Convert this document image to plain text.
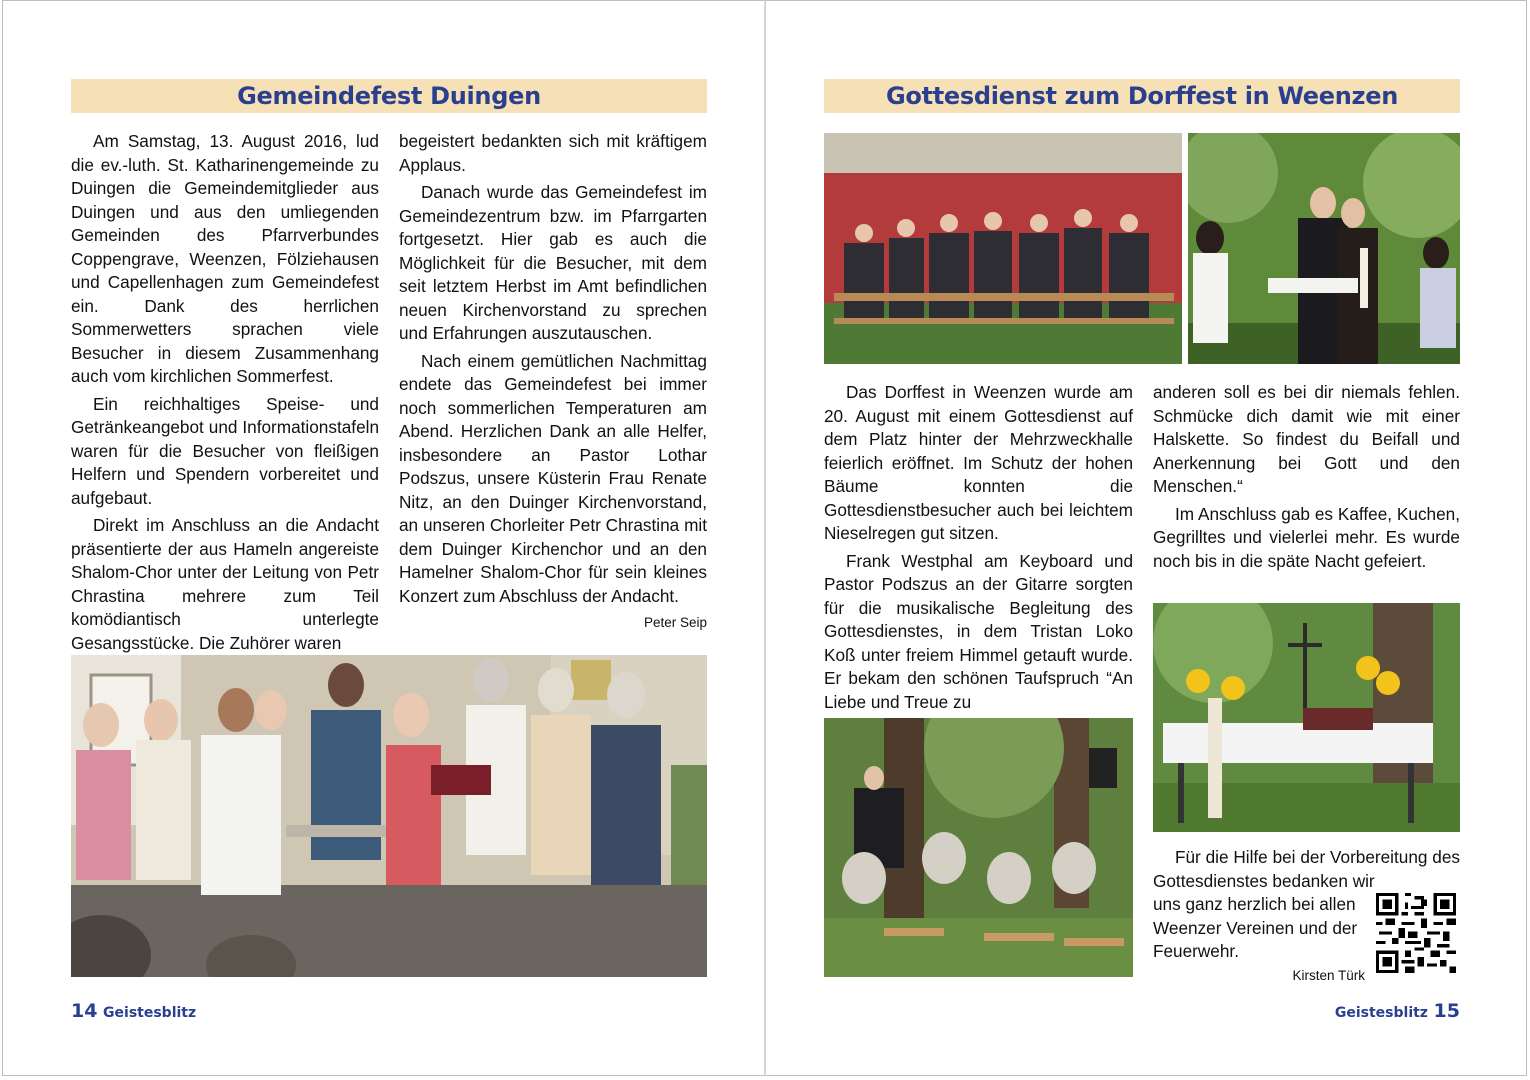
Gemeindefest Duingen

Am Samstag, 13. August 2016, lud die ev.-luth. St. Katharinengemeinde zu Duingen die Gemeindemitglieder aus Duingen und aus den umliegenden Gemeinden des Pfarrverbundes Coppengrave, Weenzen, Fölziehausen und Capellenhagen zum Gemeindefest ein. Dank des herrlichen Sommerwetters sprachen viele Besucher in diesem Zusammenhang auch vom kirchlichen Sommerfest.

Ein reichhaltiges Speise- und Getränkeangebot und Informationstafeln waren für die Besucher von fleißigen Helfern und Spendern vorbereitet und aufgebaut.

Direkt im Anschluss an die Andacht präsentierte der aus Hameln angereiste Shalom-Chor unter der Leitung von Petr Chrastina mehrere zum Teil komödiantisch unterlegte Gesangsstücke. Die Zuhörer waren

begeistert bedankten sich mit kräftigem Applaus.

Danach wurde das Gemeindefest im Gemeindezentrum bzw. im Pfarrgarten fortgesetzt. Hier gab es auch die Möglichkeit für die Besucher, mit dem seit letztem Herbst im Amt befindlichen neuen Kirchenvorstand zu sprechen und Erfahrungen auszutauschen.

Nach einem gemütlichen Nachmittag endete das Gemeindefest bei immer noch sommerlichen Temperaturen am Abend. Herzlichen Dank an alle Helfer, insbesondere an Pastor Lothar Podszus, unsere Küsterin Frau Renate Nitz, an den Duinger Kirchenvorstand, an unseren Chorleiter Petr Chrastina mit dem Duinger Kirchenchor und an den Hamelner Shalom-Chor für sein kleines Konzert zum Abschluss der Andacht.
Peter Seip

14 Geistesblitz
Gottesdienst zum Dorffest in Weenzen

Das Dorffest in Weenzen wurde am 20. August mit einem Gottesdienst auf dem Platz hinter der Mehrzweckhalle feierlich eröffnet. Im Schutz der hohen Bäume konnten die Gottesdienstbesucher auch bei leichtem Nieselregen gut sitzen.

Frank Westphal am Keyboard und Pastor Podszus an der Gitarre sorgten für die musikalische Begleitung des Gottesdienstes, in dem Tristan Loko Koß unter freiem Himmel getauft wurde. Er bekam den schönen Taufspruch “An Liebe und Treue zu

anderen soll es bei dir niemals fehlen. Schmücke dich damit wie mit einer Halskette. So findest du Beifall und Anerkennung bei Gott und den Menschen.“

Im Anschluss gab es Kaffee, Kuchen, Gegrilltes und vielerlei mehr. Es wurde noch bis in die späte Nacht gefeiert.

Für die Hilfe bei der Vorbereitung des Gottesdienstes bedanken wir

uns ganz herzlich bei allen Weenzer Vereinen und der Feuerwehr.

Kirsten Türk

Geistesblitz 15
